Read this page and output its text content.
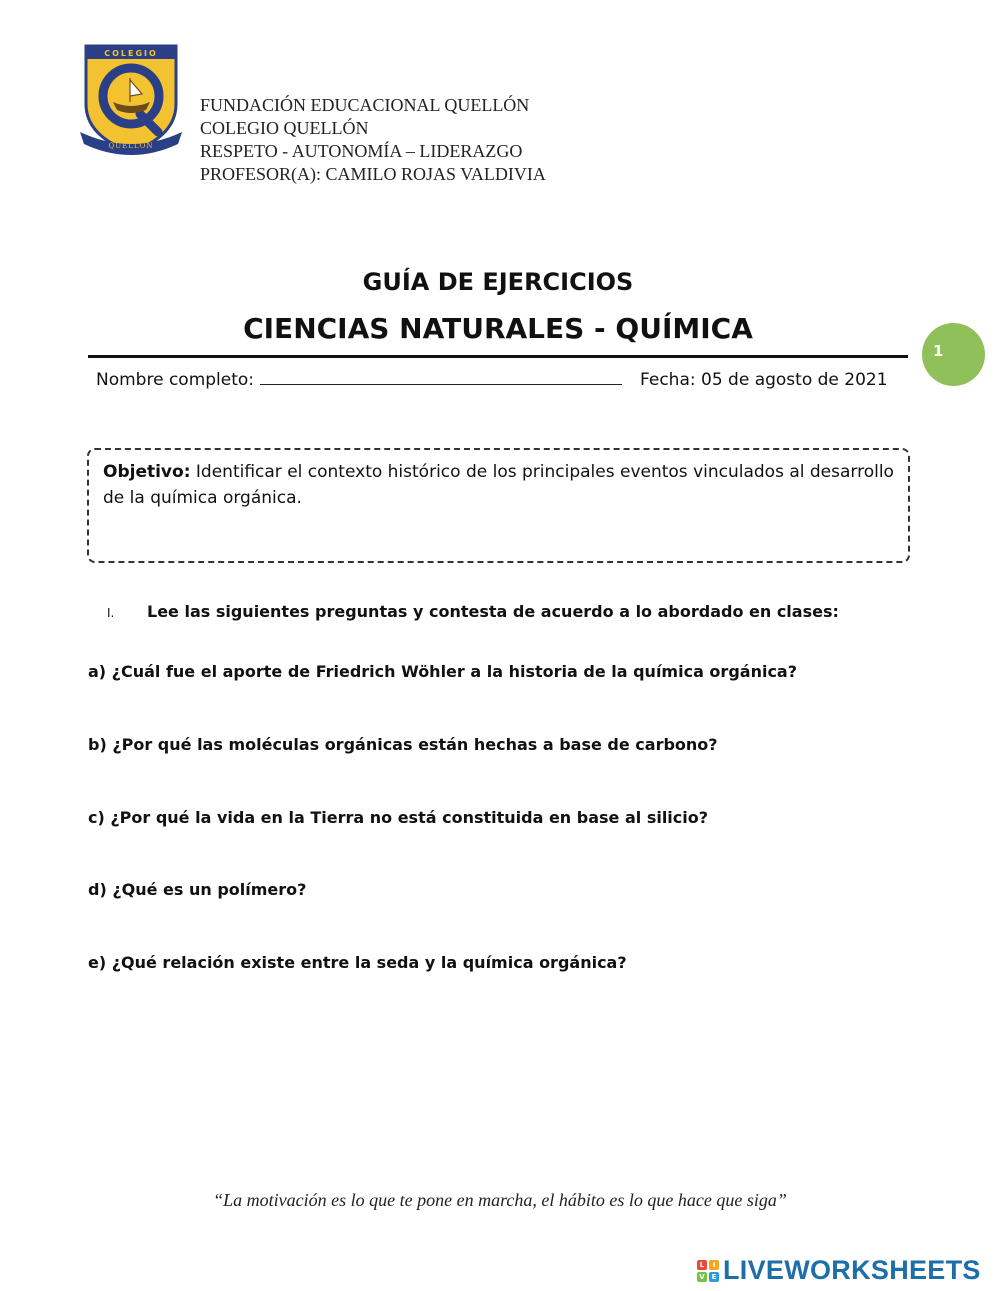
COLEGIO
QUELLÓN
FUNDACIÓN EDUCACIONAL QUELLÓN
COLEGIO QUELLÓN
RESPETO - AUTONOMÍA – LIDERAZGO
PROFESOR(A): CAMILO ROJAS VALDIVIA
GUÍA DE EJERCICIOS
CIENCIAS NATURALES - QUÍMICA
1
Nombre completo:	Fecha: 05 de agosto de 2021
Objetivo: Identificar el contexto histórico de los principales eventos vinculados al desarrollo de la química orgánica.
I. Lee las siguientes preguntas y contesta de acuerdo a lo abordado en clases:
a) ¿Cuál fue el aporte de Friedrich Wöhler a la historia de la química orgánica?
b) ¿Por qué las moléculas orgánicas están hechas a base de carbono?
c) ¿Por qué la vida en la Tierra no está constituida en base al silicio?
d) ¿Qué es un polímero?
e) ¿Qué relación existe entre la seda y la química orgánica?
“La motivación es lo que te pone en marcha, el hábito es lo que hace que siga”
L	I
V E LIVEWORKSHEETS
